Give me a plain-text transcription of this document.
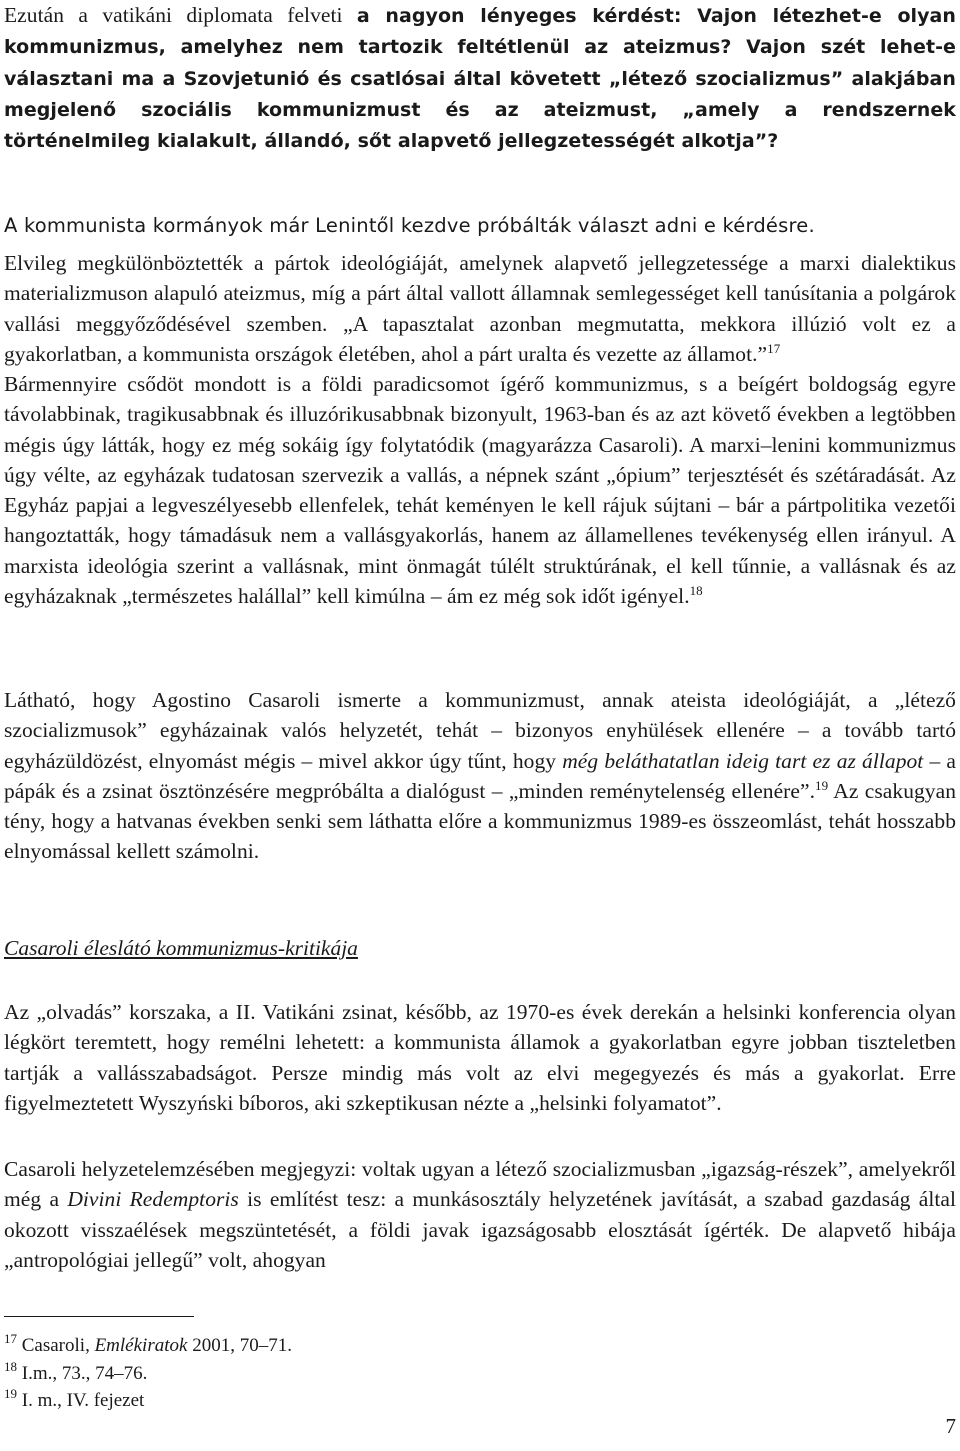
Ezután a vatikáni diplomata felveti a nagyon lényeges kérdést: Vajon létezhet-e olyan kommunizmus, amelyhez nem tartozik feltétlenül az ateizmus? Vajon szét lehet-e választani ma a Szovjetunió és csatlósai által követett „létező szocializmus” alakjában megjelenő szociális kommunizmust és az ateizmust, „amely a rendszernek történelmileg kialakult, állandó, sőt alapvető jellegzetességét alkotja”?

A kommunista kormányok már Lenintől kezdve próbálták választ adni e kérdésre.

Elvileg megkülönböztették a pártok ideológiáját, amelynek alapvető jellegzetessége a marxi dialektikus materializmuson alapuló ateizmus, míg a párt által vallott államnak semlegességet kell tanúsítania a polgárok vallási meggyőződésével szemben. „A tapasztalat azonban megmutatta, mekkora illúzió volt ez a gyakorlatban, a kommunista országok életében, ahol a párt uralta és vezette az államot.”$^{17}$

Bármennyire csődöt mondott is a földi paradicsomot ígérő kommunizmus, s a beígért boldogság egyre távolabbinak, tragikusabbnak és illuzórikusabbnak bizonyult, 1963-ban és az azt követő években a legtöbben mégis úgy látták, hogy ez még sokáig így folytatódik (magyarázza Casaroli). A marxi–lenini kommunizmus úgy vélte, az egyházak tudatosan szervezik a vallás, a népnek szánt „ópium” terjesztését és szétáradását. Az Egyház papjai a legveszélyesebb ellenfelek, tehát keményen le kell rájuk sújtani – bár a pártpolitika vezetői hangoztatták, hogy támadásuk nem a vallásgyakorlás, hanem az államellenes tevékenység ellen irányul. A marxista ideológia szerint a vallásnak, mint önmagát túlélt struktúrának, el kell tűnnie, a vallásnak és az egyházaknak „természetes halállal” kell kimúlna – ám ez még sok időt igényel.$^{18}$

Látható, hogy Agostino Casaroli ismerte a kommunizmust, annak ateista ideológiáját, a „létező szocializmusok” egyházainak valós helyzetét, tehát – bizonyos enyhülések ellenére – a tovább tartó egyházüldözést, elnyomást mégis – mivel akkor úgy tűnt, hogy még beláthatatlan ideig tart ez az állapot – a pápák és a zsinat ösztönzésére megpróbálta a dialógust – „minden reménytelenség ellenére”.$^{19}$ Az csakugyan tény, hogy a hatvanas években senki sem láthatta előre a kommunizmus 1989-es összeomlást, tehát hosszabb elnyomással kellett számolni.

Casaroli éleslátó kommunizmus-kritikája

Az „olvadás” korszaka, a II. Vatikáni zsinat, később, az 1970-es évek derekán a helsinki konferencia olyan légkört teremtett, hogy remélni lehetett: a kommunista államok a gyakorlatban egyre jobban tiszteletben tartják a vallásszabadságot. Persze mindig más volt az elvi megegyezés és más a gyakorlat. Erre figyelmeztetett Wyszyński bíboros, aki szkeptikusan nézte a „helsinki folyamatot”.

Casaroli helyzetelemzésében megjegyzi: voltak ugyan a létező szocializmusban „igazság-részek”, amelyekről még a Divini Redemptoris is említést tesz: a munkásosztály helyzetének javítását, a szabad gazdaság által okozott visszaélések megszüntetését, a földi javak igazságosabb elosztását ígérték. De alapvető hibája „antropológiai jellegű” volt, ahogyan

$^{17}$ Casaroli, Emlékiratok 2001, 70–71.
$^{18}$ I.m., 73., 74–76.
$^{19}$ I. m., IV. fejezet
7
